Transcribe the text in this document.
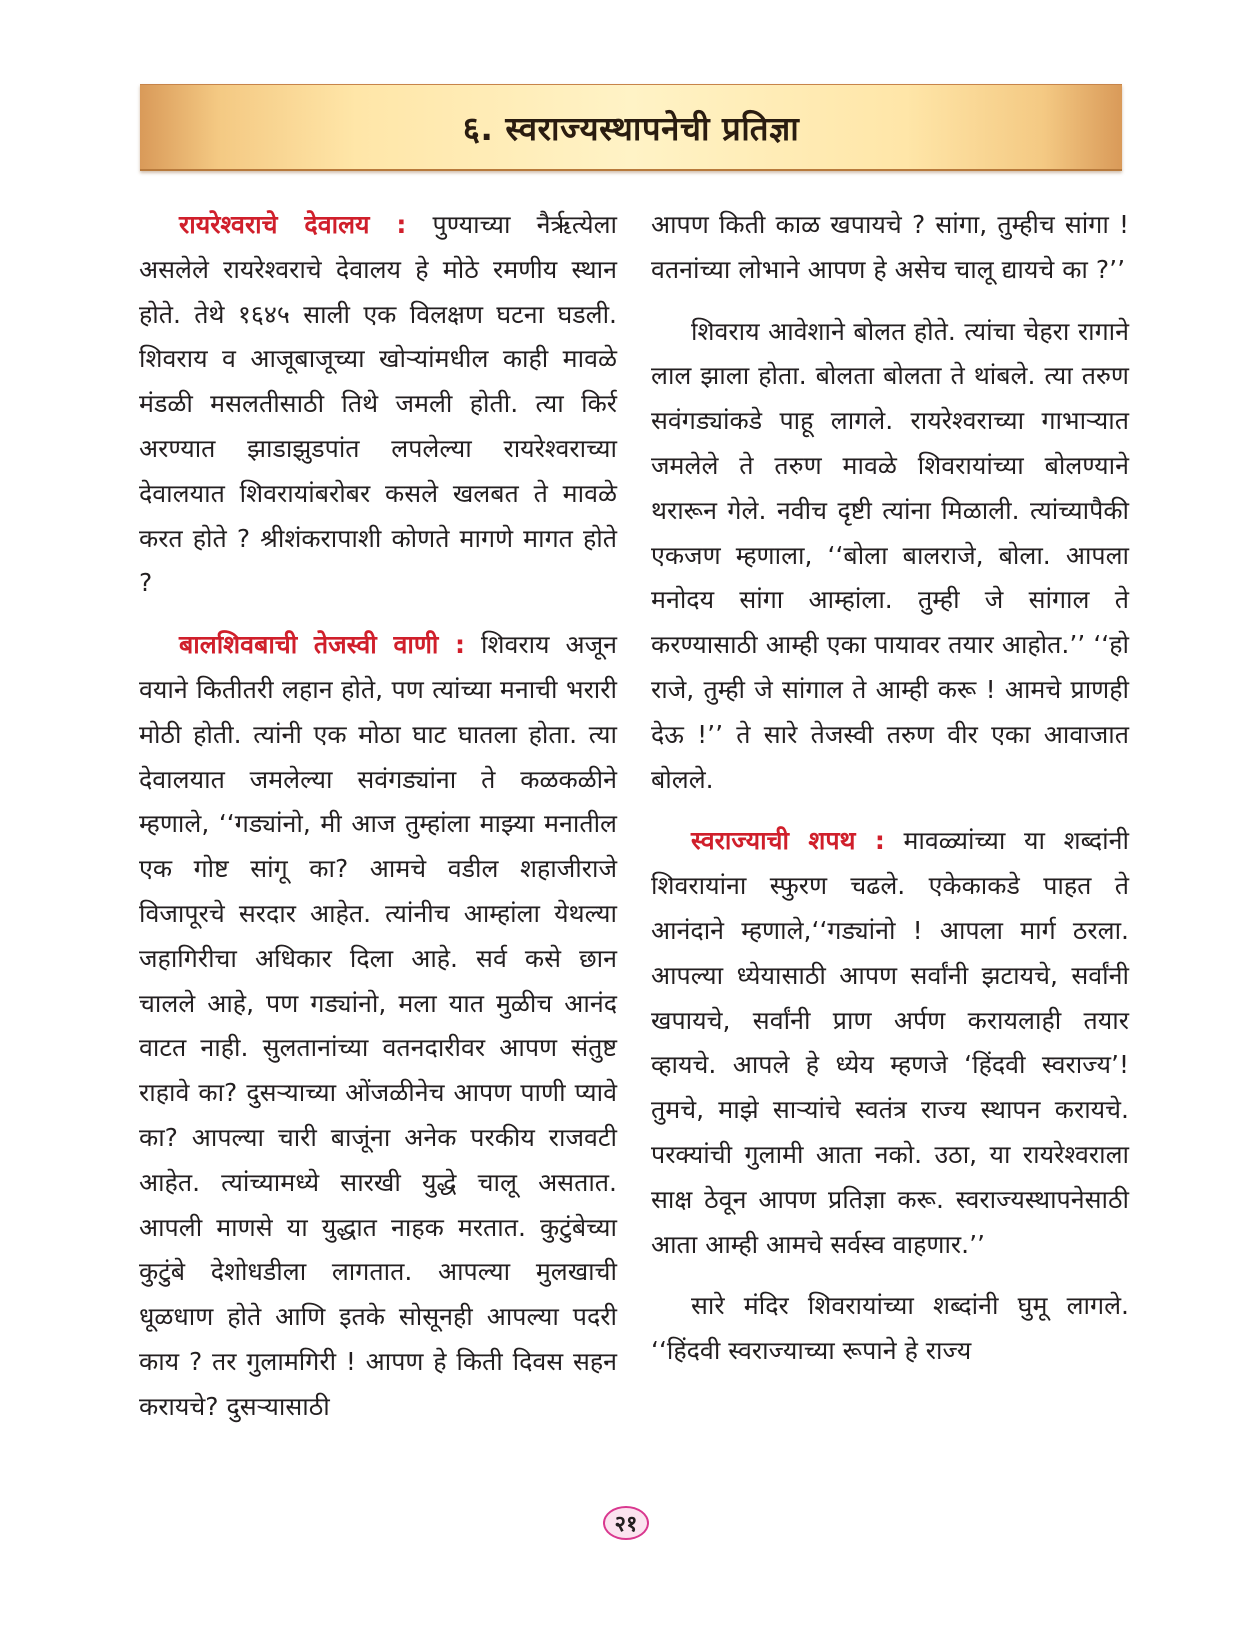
६. स्वराज्यस्थापनेची प्रतिज्ञा

रायरेश्वराचे देवालय : पुण्याच्या नैर्ऋत्येला असलेले रायरेश्वराचे देवालय हे मोठे रमणीय स्थान होते. तेथे १६४५ साली एक विलक्षण घटना घडली. शिवराय व आजूबाजूच्या खोऱ्यांमधील काही मावळे मंडळी मसलतीसाठी तिथे जमली होती. त्या किर्र अरण्यात झाडाझुडपांत लपलेल्या रायरेश्वराच्या देवालयात शिवरायांबरोबर कसले खलबत ते मावळे करत होते ? श्रीशंकरापाशी कोणते मागणे मागत होते ?

बालशिवबाची तेजस्वी वाणी : शिवराय अजून वयाने कितीतरी लहान होते, पण त्यांच्या मनाची भरारी मोठी होती. त्यांनी एक मोठा घाट घातला होता. त्या देवालयात जमलेल्या सवंगड्यांना ते कळकळीने म्हणाले, ‘‘गड्यांनो, मी आज तुम्हांला माझ्या मनातील एक गोष्ट सांगू का? आमचे वडील शहाजीराजे विजापूरचे सरदार आहेत. त्यांनीच आम्हांला येथल्या जहागिरीचा अधिकार दिला आहे. सर्व कसे छान चालले आहे, पण गड्यांनो, मला यात मुळीच आनंद वाटत नाही. सुलतानांच्या वतनदारीवर आपण संतुष्ट राहावे का? दुसऱ्याच्या ओंजळीनेच आपण पाणी प्यावे का? आपल्या चारी बाजूंना अनेक परकीय राजवटी आहेत. त्यांच्यामध्ये सारखी युद्धे चालू असतात. आपली माणसे या युद्धात नाहक मरतात. कुटुंबेच्या कुटुंबे देशोधडीला लागतात. आपल्या मुलखाची धूळधाण होते आणि इतके सोसूनही आपल्या पदरी काय ? तर गुलामगिरी ! आपण हे किती दिवस सहन करायचे? दुसऱ्यासाठी

आपण किती काळ खपायचे ? सांगा, तुम्हीच सांगा ! वतनांच्या लोभाने आपण हे असेच चालू द्यायचे का ?’’

शिवराय आवेशाने बोलत होते. त्यांचा चेहरा रागाने लाल झाला होता. बोलता बोलता ते थांबले. त्या तरुण सवंगड्यांकडे पाहू लागले. रायरेश्वराच्या गाभाऱ्यात जमलेले ते तरुण मावळे शिवरायांच्या बोलण्याने थरारून गेले. नवीच दृष्टी त्यांना मिळाली. त्यांच्यापैकी एकजण म्हणाला, ‘‘बोला बालराजे, बोला. आपला मनोदय सांगा आम्हांला. तुम्ही जे सांगाल ते करण्यासाठी आम्ही एका पायावर तयार आहोत.’’ ‘‘हो राजे, तुम्ही जे सांगाल ते आम्ही करू ! आमचे प्राणही देऊ !’’ ते सारे तेजस्वी तरुण वीर एका आवाजात बोलले.

स्वराज्याची शपथ : मावळ्यांच्या या शब्दांनी शिवरायांना स्फुरण चढले. एकेकाकडे पाहत ते आनंदाने म्हणाले,‘‘गड्यांनो ! आपला मार्ग ठरला. आपल्या ध्येयासाठी आपण सर्वांनी झटायचे, सर्वांनी खपायचे, सर्वांनी प्राण अर्पण करायलाही तयार व्हायचे. आपले हे ध्येय म्हणजे ‘हिंदवी स्वराज्य’! तुमचे, माझे साऱ्यांचे स्वतंत्र राज्य स्थापन करायचे. परक्यांची गुलामी आता नको. उठा, या रायरेश्वराला साक्ष ठेवून आपण प्रतिज्ञा करू. स्वराज्यस्थापनेसाठी आता आम्ही आमचे सर्वस्व वाहणार.’’

सारे मंदिर शिवरायांच्या शब्दांनी घुमू लागले. ‘‘हिंदवी स्वराज्याच्या रूपाने हे राज्य

२१
